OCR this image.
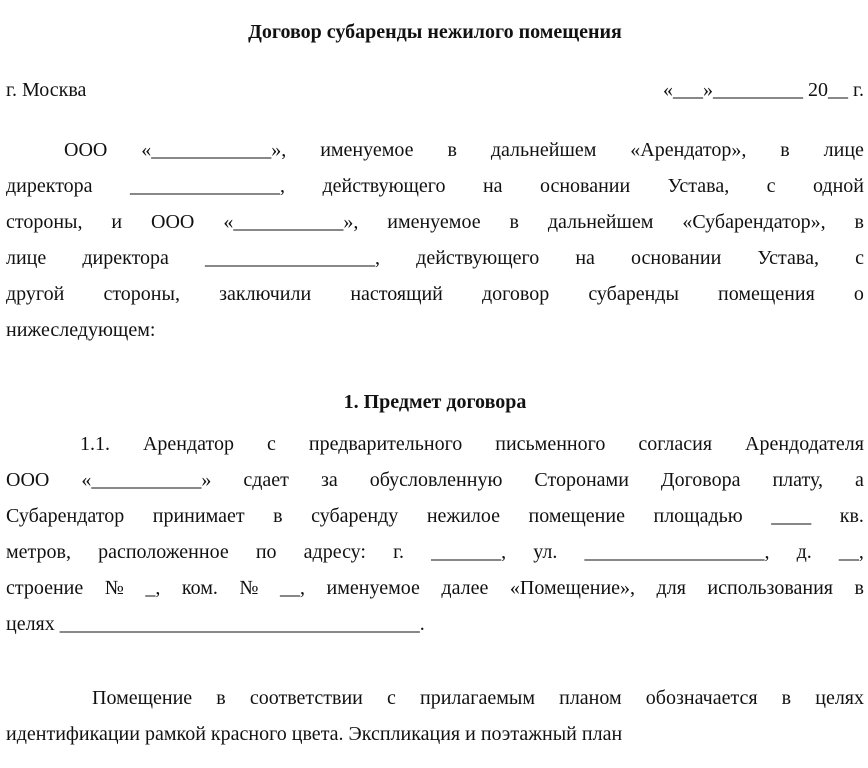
Договор субаренды нежилого помещения
г. Москва	«___»_________ 20__ г.
ООО «____________», именуемое в дальнейшем «Арендатор», в лице
директора _______________, действующего на основании Устава, с одной
стороны, и ООО «___________», именуемое в дальнейшем «Субарендатор», в
лице директора _________________, действующего на основании Устава, с
другой стороны, заключили настоящий договор субаренды помещения о
нижеследующем:
1. Предмет договора
1.1. Арендатор с предварительного письменного согласия Арендодателя
ООО «___________» сдает за обусловленную Сторонами Договора плату, а
Субарендатор принимает в субаренду нежилое помещение площадью ____ кв.
метров, расположенное по адресу: г. _______, ул. __________________, д. __,
строение № _, ком. № __, именуемое далее «Помещение», для использования в
целях ____________________________________.
Помещение в соответствии с прилагаемым планом обозначается в целях
идентификации рамкой красного цвета. Экспликация и поэтажный план
